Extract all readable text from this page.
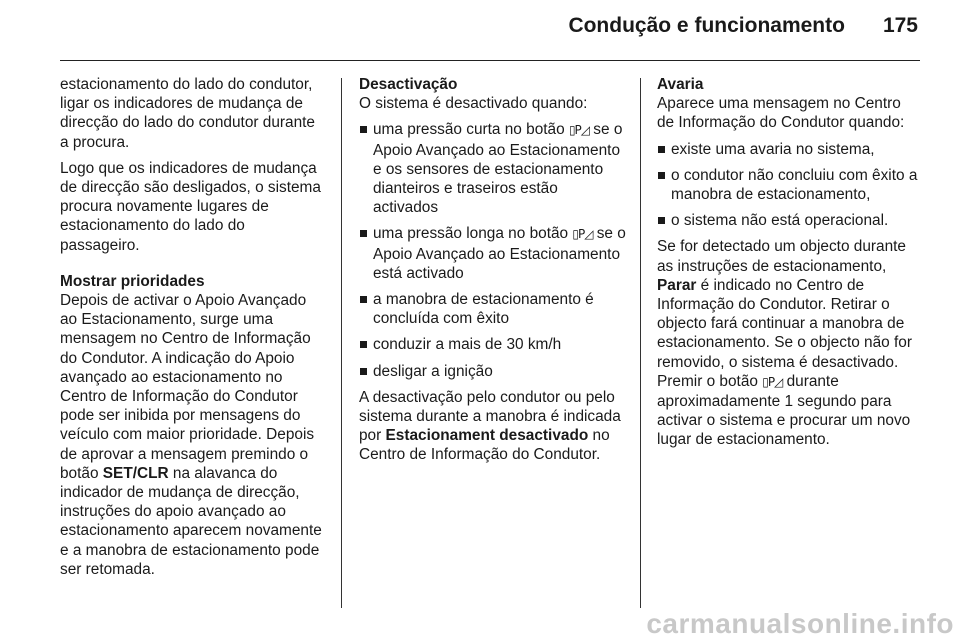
Condução e funcionamento 175

estacionamento do lado do condutor, ligar os indicadores de mudança de direcção do lado do condutor durante a procura.

Logo que os indicadores de mudança de direcção são desligados, o sistema procura novamente lugares de estacionamento do lado do passageiro.

Mostrar prioridades

Depois de activar o Apoio Avançado ao Estacionamento, surge uma mensagem no Centro de Informação do Condutor. A indicação do Apoio avançado ao estacionamento no Centro de Informação do Condutor pode ser inibida por mensagens do veículo com maior prioridade. Depois de aprovar a mensagem premindo o botão SET/CLR na alavanca do indicador de mudança de direcção, instruções do apoio avançado ao estacionamento aparecem novamente e a manobra de estacionamento pode ser retomada.

Desactivação

O sistema é desactivado quando:

uma pressão curta no botão ▯P◿ se o Apoio Avançado ao Estacionamento e os sensores de estacionamento dianteiros e traseiros estão activados
uma pressão longa no botão ▯P◿ se o Apoio Avançado ao Estacionamento está activado
a manobra de estacionamento é concluída com êxito
conduzir a mais de 30 km/h
desligar a ignição

A desactivação pelo condutor ou pelo sistema durante a manobra é indicada por Estacionament desactivado no Centro de Informação do Condutor.

Avaria

Aparece uma mensagem no Centro de Informação do Condutor quando:

existe uma avaria no sistema,
o condutor não concluiu com êxito a manobra de estacionamento,
o sistema não está operacional.

Se for detectado um objecto durante as instruções de estacionamento, Parar é indicado no Centro de Informação do Condutor. Retirar o objecto fará continuar a manobra de estacionamento. Se o objecto não for removido, o sistema é desactivado. Premir o botão ▯P◿ durante aproximadamente 1 segundo para activar o sistema e procurar um novo lugar de estacionamento.

carmanualsonline.info
